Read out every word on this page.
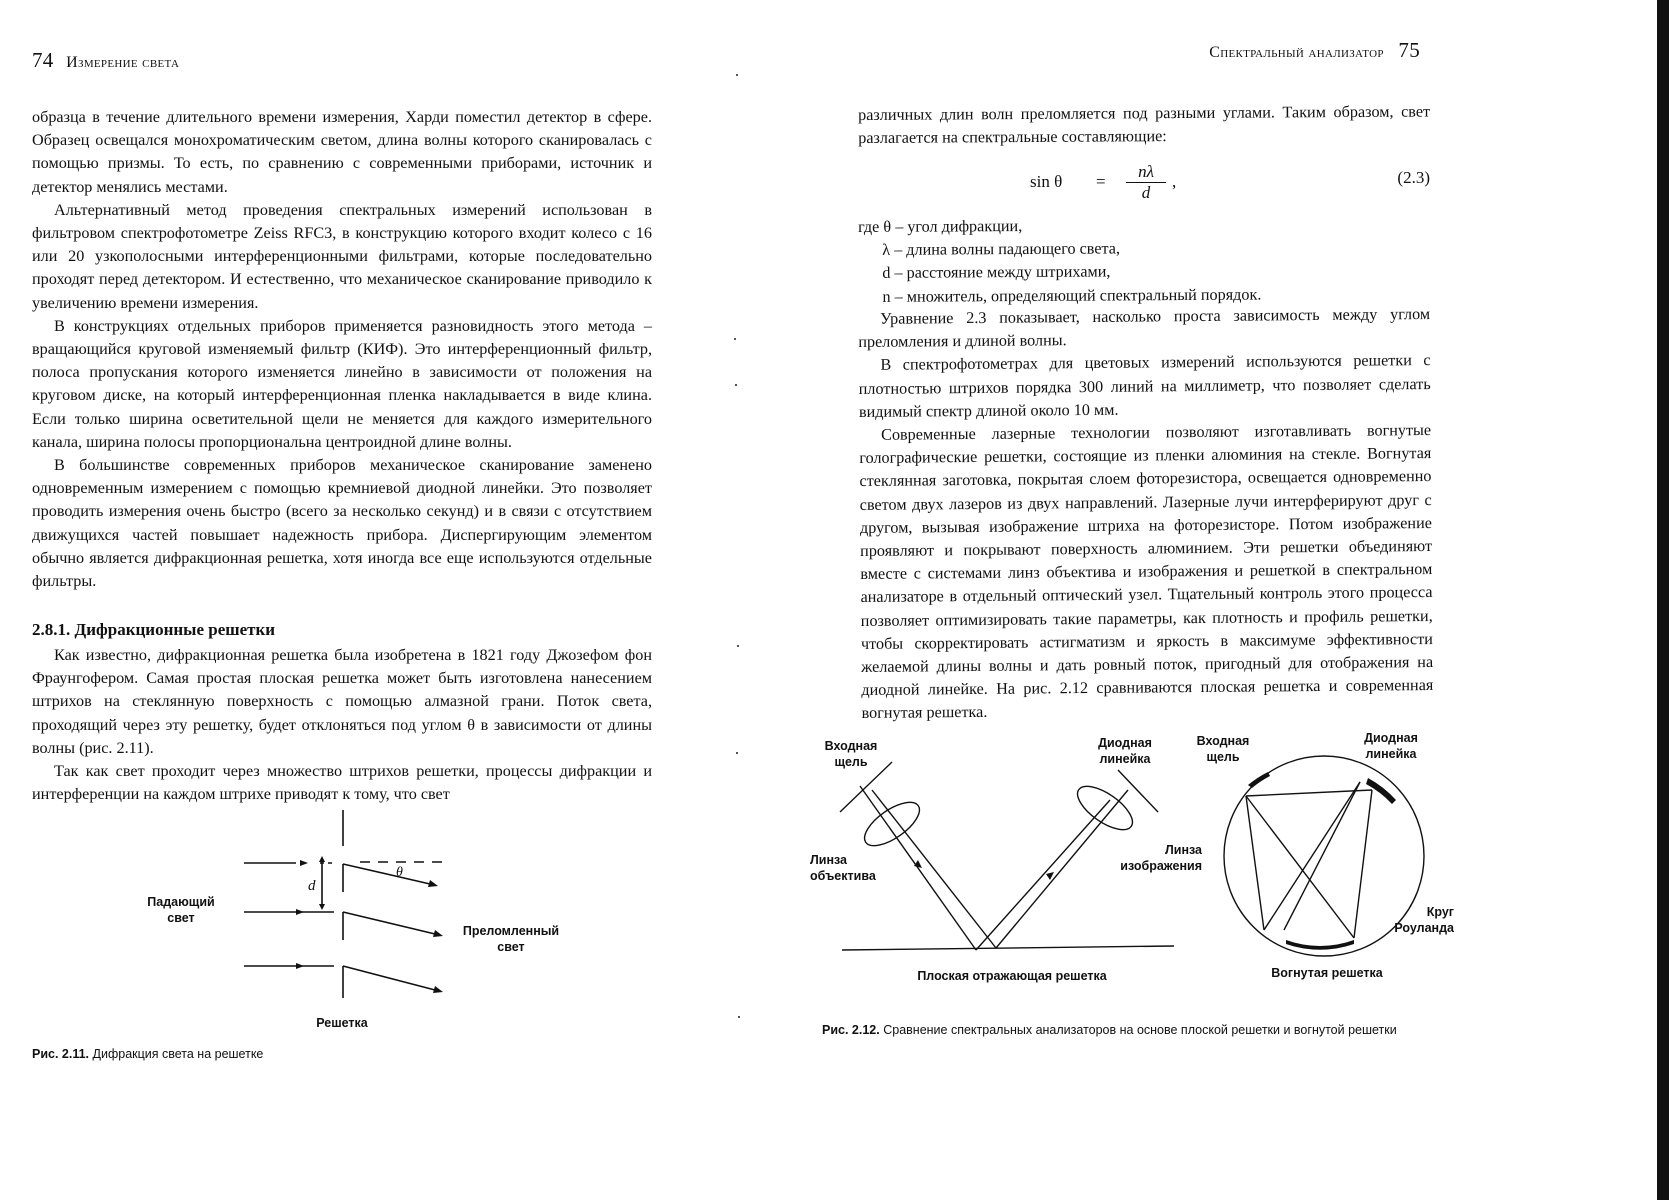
74 Измерение света

образца в течение длительного времени измерения, Харди поместил детектор в сфере. Образец освещался монохроматическим светом, длина волны которого сканировалась с помощью призмы. То есть, по сравнению с современными приборами, источник и детектор менялись местами.

Альтернативный метод проведения спектральных измерений использован в фильтровом спектрофотометре Zeiss RFC3, в конструкцию которого входит колесо с 16 или 20 узкополосными интерференционными фильтрами, которые последовательно проходят перед детектором. И естественно, что механическое сканирование приводило к увеличению времени измерения.

В конструкциях отдельных приборов применяется разновидность этого метода – вращающийся круговой изменяемый фильтр (КИФ). Это интерференционный фильтр, полоса пропускания которого изменяется линейно в зависимости от положения на круговом диске, на который интерференционная пленка накладывается в виде клина. Если только ширина осветительной щели не меняется для каждого измерительного канала, ширина полосы пропорциональна центроидной длине волны.

В большинстве современных приборов механическое сканирование заменено одновременным измерением с помощью кремниевой диодной линейки. Это позволяет проводить измерения очень быстро (всего за несколько секунд) и в связи с отсутствием движущихся частей повышает надежность прибора. Диспергирующим элементом обычно является дифракционная решетка, хотя иногда все еще используются отдельные фильтры.

2.8.1. Дифракционные решетки

Как известно, дифракционная решетка была изобретена в 1821 году Джозефом фон Фраунгофером. Самая простая плоская решетка может быть изготовлена нанесением штрихов на стеклянную поверхность с помощью алмазной грани. Поток света, проходящий через эту решетку, будет отклоняться под углом θ в зависимости от длины волны (рис. 2.11).

Так как свет проходит через множество штрихов решетки, процессы дифракции и интерференции на каждом штрихе приводят к тому, что свет

d
θ
Падающий свет
Преломленный свет
Решетка
Рис. 2.11. Дифракция света на решетке
Спектральный анализатор 75

различных длин волн преломляется под разными углами. Таким образом, свет разлагается на спектральные составляющие:

$\sin \theta = \frac{n\lambda}{d}$ ,	(2.3)
где θ – угол дифракции,
λ – длина волны падающего света,
d – расстояние между штрихами,
n – множитель, определяющий спектральный порядок.

Уравнение 2.3 показывает, насколько проста зависимость между углом преломления и длиной волны.

В спектрофотометрах для цветовых измерений используются решетки с плотностью штрихов порядка 300 линий на миллиметр, что позволяет сделать видимый спектр длиной около 10 мм.

Современные лазерные технологии позволяют изготавливать вогнутые голографические решетки, состоящие из пленки алюминия на стекле. Вогнутая стеклянная заготовка, покрытая слоем фоторезистора, освещается одновременно светом двух лазеров из двух направлений. Лазерные лучи интерферируют друг с другом, вызывая изображение штриха на фоторезисторе. Потом изображение проявляют и покрывают поверхность алюминием. Эти решетки объединяют вместе с системами линз объектива и изображения и решеткой в спектральном анализаторе в отдельный оптический узел. Тщательный контроль этого процесса позволяет оптимизировать такие параметры, как плотность и профиль решетки, чтобы скорректировать астигматизм и яркость в максимуме эффективности желаемой длины волны и дать ровный поток, пригодный для отображения на диодной линейке. На рис. 2.12 сравниваются плоская решетка и современная вогнутая решетка.

Входная щель
Диодная линейка
Линза объектива
Линза изображения
Плоская отражающая решетка
Входная щель
Диодная линейка
Круг Роуланда
Вогнутая решетка
Рис. 2.12. Сравнение спектральных анализаторов на основе плоской решетки и вогнутой решетки
